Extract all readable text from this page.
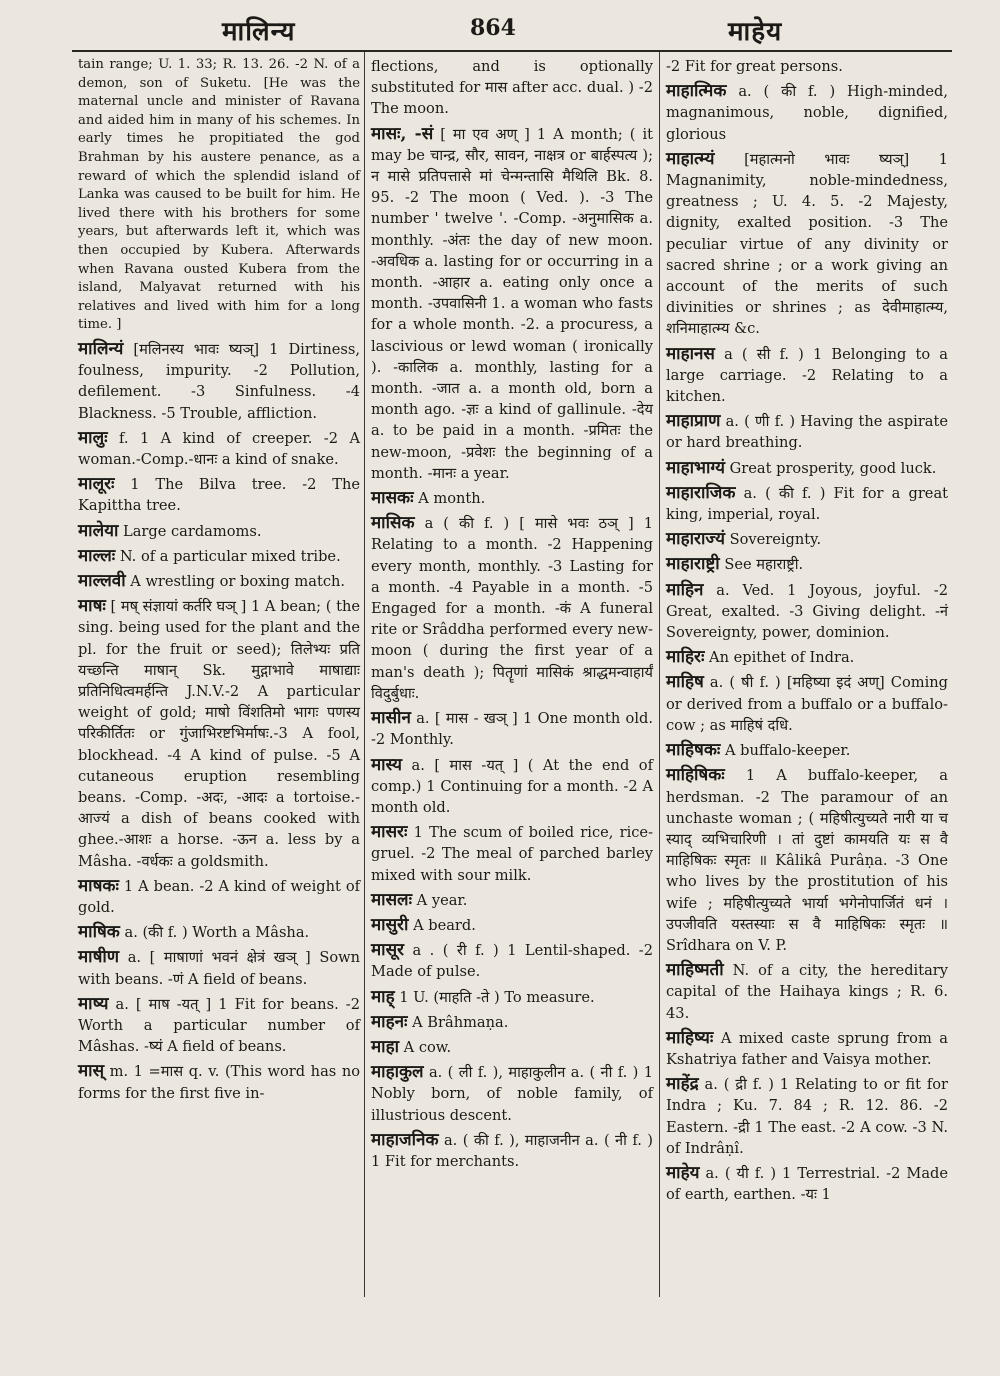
मालिन्य	864	माहेय

tain range; U. 1. 33; R. 13. 26. -2 N. of a demon, son of Suketu. [He was the maternal uncle and minister of Ravana and aided him in many of his schemes. In early times he propitiated the god Brahman by his austere penance, as a reward of which the splendid island of Lanka was caused to be built for him. He lived there with his brothers for some years, but afterwards left it, which was then occupied by Kubera. Afterwards when Ravana ousted Kubera from the island, Malyavat returned with his relatives and lived with him for a long time. ]

मालिन्यं [मलिनस्य भावः ष्यञ्] 1 Dirtiness, foulness, impurity. -2 Pollution, defilement. -3 Sinfulness. -4 Blackness. -5 Trouble, affliction.

मालुः f. 1 A kind of creeper. -2 A woman.-Comp.-धानः a kind of snake.

मालूरः 1 The Bilva tree. -2 The Kapittha tree.

मालेया Large cardamoms.

माल्लः N. of a particular mixed tribe.

माल्लवी A wrestling or boxing match.

माषः [ मष् संज्ञायां कर्तरि घञ् ] 1 A bean; ( the sing. being used for the plant and the pl. for the fruit or seed); तिलेभ्यः प्रति यच्छन्ति माषान् Sk. मुद्गाभावे माषाद्याः प्रतिनिधित्वमर्हन्ति J.N.V.-2 A particular weight of gold; माषो विंशतिमो भागः पणस्य परिकीर्तितः or गुंजाभिरष्टभिर्माषः.-3 A fool, blockhead. -4 A kind of pulse. -5 A cutaneous eruption resembling beans. -Comp. -अदः, -आदः a tortoise.-आज्यं a dish of beans cooked with ghee.-आशः a horse. -ऊन a. less by a Mâsha. -वर्धकः a goldsmith.

माषकः 1 A bean. -2 A kind of weight of gold.

माषिक a. (की f. ) Worth a Mâsha.

माषीण a. [ माषाणां भवनं क्षेत्रं खञ् ] Sown with beans. -णं A field of beans.

माष्य a. [ माष -यत् ] 1 Fit for beans. -2 Worth a particular number of Mâshas. -ष्यं A field of beans.

मास् m. 1 =मास q. v. (This word has no forms for the first five in-

flections, and is optionally substituted for मास after acc. dual. ) -2 The moon.

मासः, -सं [ मा एव अण् ] 1 A month; ( it may be चान्द्र, सौर, सावन, नाक्षत्र or बार्हस्पत्य ); न मासे प्रतिपत्तासे मां चेन्मन्तासि मैथिलि Bk. 8. 95. -2 The moon ( Ved. ). -3 The number ' twelve '. -Comp. -अनुमासिक a. monthly. -अंतः the day of new moon. -अवधिक a. lasting for or occurring in a month. -आहार a. eating only once a month. -उपवासिनी 1. a woman who fasts for a whole month. -2. a procuress, a lascivious or lewd woman ( ironically ). -कालिक a. monthly, lasting for a month. -जात a. a month old, born a month ago. -ज्ञः a kind of gallinule. -देय a. to be paid in a month. -प्रमितः the new-moon, -प्रवेशः the beginning of a month. -मानः a year.

मासकः A month.

मासिक a ( की f. ) [ मासे भवः ठञ् ] 1 Relating to a month. -2 Happening every month, monthly. -3 Lasting for a month. -4 Payable in a month. -5 Engaged for a month. -कं A funeral rite or Srâddha performed every new-moon ( during the first year of a man's death ); पितॄणां मासिकं श्राद्धमन्वाहार्यं विदुर्बुधाः.

मासीन a. [ मास - खञ् ] 1 One month old. -2 Monthly.

मास्य a. [ मास -यत् ] ( At the end of comp.) 1 Continuing for a month. -2 A month old.

मासरः 1 The scum of boiled rice, rice-gruel. -2 The meal of parched barley mixed with sour milk.

मासलः A year.

मासुरी A beard.

मासूर a . ( री f. ) 1 Lentil-shaped. -2 Made of pulse.

माह् 1 U. (माहति -ते ) To measure.

माहनः A Brâhmaṇa.

माहा A cow.

माहाकुल a. ( ली f. ), माहाकुलीन a. ( नी f. ) 1 Nobly born, of noble family, of illustrious descent.

माहाजनिक a. ( की f. ), माहाजनीन a. ( नी f. ) 1 Fit for merchants.

-2 Fit for great persons.

माहात्मिक a. ( की f. ) High-minded, magnanimous, noble, dignified, glorious

माहात्म्यं [महात्मनो भावः ष्यञ्] 1 Magnanimity, noble-mindedness, greatness ; U. 4. 5. -2 Majesty, dignity, exalted position. -3 The peculiar virtue of any divinity or sacred shrine ; or a work giving an account of the merits of such divinities or shrines ; as देवीमाहात्म्य, शनिमाहात्म्य &c.

माहानस a ( सी f. ) 1 Belonging to a large carriage. -2 Relating to a kitchen.

माहाप्राण a. ( णी f. ) Having the aspirate or hard breathing.

माहाभाग्यं Great prosperity, good luck.

माहाराजिक a. ( की f. ) Fit for a great king, imperial, royal.

माहाराज्यं Sovereignty.

माहाराष्ट्री See महाराष्ट्री.

माहिन a. Ved. 1 Joyous, joyful. -2 Great, exalted. -3 Giving delight. -नं Sovereignty, power, dominion.

माहिरः An epithet of Indra.

माहिष a. ( षी f. ) [महिष्या इदं अण्] Coming or derived from a buffalo or a buffalo-cow ; as माहिषं दधि.

माहिषकः A buffalo-keeper.

माहिषिकः 1 A buffalo-keeper, a herdsman. -2 The paramour of an unchaste woman ; ( महिषीत्युच्यते नारी या च स्याद् व्यभिचारिणी । तां दुष्टां कामयति यः स वै माहिषिकः स्मृतः ॥ Kâlikâ Purâṇa. -3 One who lives by the prostitution of his wife ; महिषीत्युच्यते भार्या भगेनोपार्जितं धनं । उपजीवति यस्तस्याः स वै माहिषिकः स्मृतः ॥ Srîdhara on V. P.

माहिष्मती N. of a city, the hereditary capital of the Haihaya kings ; R. 6. 43.

माहिष्यः A mixed caste sprung from a Kshatriya father and Vaisya mother.

माहेंद्र a. ( द्री f. ) 1 Relating to or fit for Indra ; Ku. 7. 84 ; R. 12. 86. -2 Eastern. -द्री 1 The east. -2 A cow. -3 N. of Indrâṇî.

माहेय a. ( यी f. ) 1 Terrestrial. -2 Made of earth, earthen. -यः 1
